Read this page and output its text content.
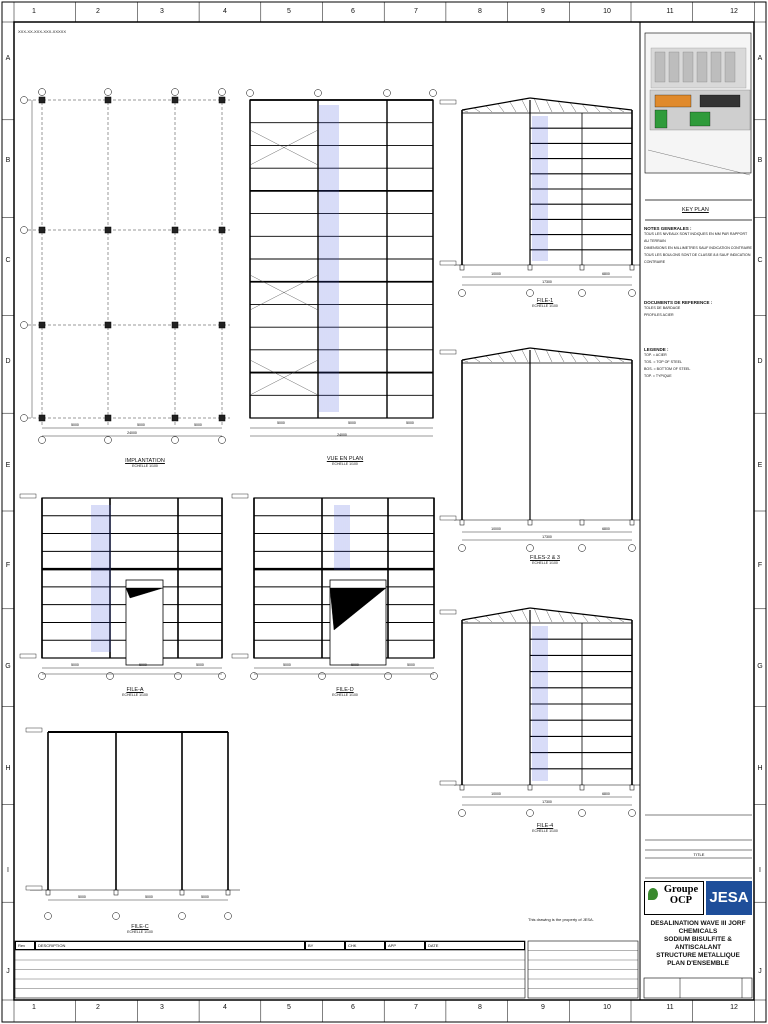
1	2	3	4	5	6	7	8	9	10	11	12
1	2	3	4	5	6	7	8	9	10	11	12
A
B
C
D
E
F
G
H
I
J
A
B
C
D
E
F
G
H
I
J
XXX-XX-XXX-XXX-XXXXX
5000	5000	5000
24000
5000	5000	5000
24000
10000	6800
17300
10000	6800
17300
10000	6800
17300
5000	5000	5000	5000	5000	5000
5000	5000	5000
TITLE
IMPLANTATION
ECHELLE 1/100
VUE EN PLAN
ECHELLE 1/100
FILE-1
ECHELLE 1/100
FILES-2 & 3
ECHELLE 1/100
FILE-4
ECHELLE 1/100
FILE-A
ECHELLE 1/100
FILE-D
ECHELLE 1/100
FILE-C
ECHELLE 1/100
KEY PLAN
NOTES GENERALES :
TOUS LES NIVEAUX SONT INDIQUES EN MM PAR RAPPORT AU TERRAIN
DIMENSIONS EN MILLIMETRES SAUF INDICATION CONTRAIRE
TOUS LES BOULONS SONT DE CLASSE 8.8 SAUF INDICATION CONTRAIRE
DOCUMENTS DE REFERENCE :
TOLES DE BARDAGE
PROFILES ACIER
LEGENDE :
TOP. = ACIER
TOS. = TOP OF STEEL
BOS. = BOTTOM OF STEEL
TOP. = TYPIQUE
Groupe OCP	JESA
DESALINATION WAVE III JORF
CHEMICALS
SODIUM BISULFITE & ANTISCALANT
STRUCTURE METALLIQUE
PLAN D'ENSEMBLE
Rev	DESCRIPTION	BY	CHK	APP	DATE
This drawing is the property of JESA.
